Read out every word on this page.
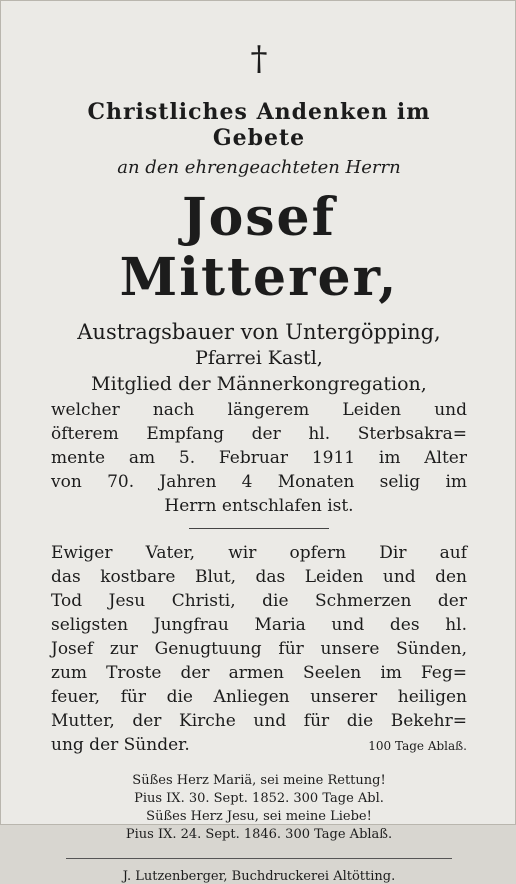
†
Christliches Andenken im Gebete
an den ehrengeachteten Herrn
Josef Mitterer,
Austragsbauer von Untergöpping,
Pfarrei Kastl,
Mitglied der Männerkongregation,
welcher nach längerem Leiden und
öfterem Empfang der hl. Sterbsakra=
mente am 5. Februar 1911 im Alter
von 70. Jahren 4 Monaten selig im
Herrn entschlafen ist.
Ewiger Vater, wir opfern Dir auf
das kostbare Blut, das Leiden und den
Tod Jesu Christi, die Schmerzen der
seligsten Jungfrau Maria und des hl.
Josef zur Genugtuung für unsere Sünden,
zum Troste der armen Seelen im Feg=
feuer, für die Anliegen unserer heiligen
Mutter, der Kirche und für die Bekehr=
ung der Sünder.	100 Tage Ablaß.
Süßes Herz Mariä, sei meine Rettung!
Pius IX. 30. Sept. 1852. 300 Tage Abl.
Süßes Herz Jesu, sei meine Liebe!
Pius IX. 24. Sept. 1846. 300 Tage Ablaß.
J. Lutzenberger, Buchdruckerei Altötting.
